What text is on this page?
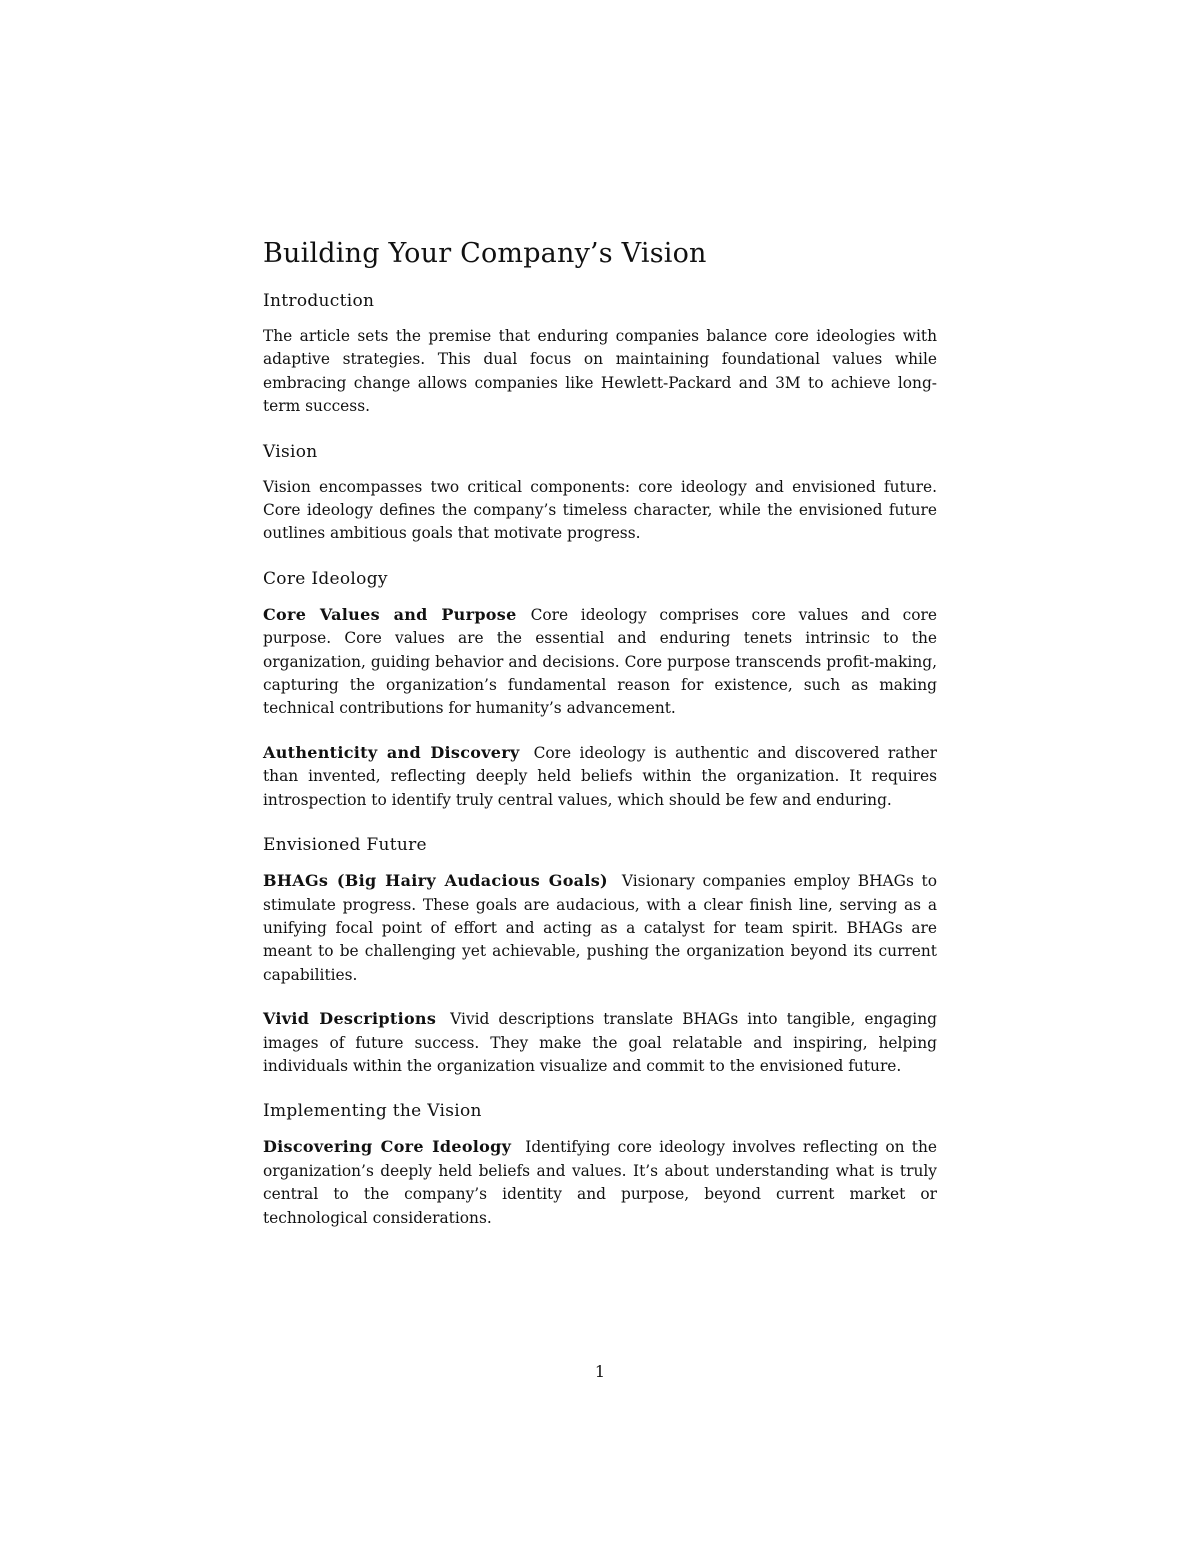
Building Your Company’s Vision
Introduction

The article sets the premise that enduring companies balance core ideologies with adaptive strategies. This dual focus on maintaining foundational values while embracing change allows companies like Hewlett-Packard and 3M to achieve long-term success.

Vision

Vision encompasses two critical components: core ideology and envisioned future. Core ideology defines the company’s timeless character, while the envisioned future outlines ambitious goals that motivate progress.

Core Ideology

Core Values and Purpose Core ideology comprises core values and core purpose. Core values are the essential and enduring tenets intrinsic to the organization, guiding behavior and decisions. Core purpose transcends profit-making, capturing the organization’s fundamental reason for existence, such as making technical contributions for humanity’s advancement.

Authenticity and Discovery Core ideology is authentic and discovered rather than invented, reflecting deeply held beliefs within the organization. It requires introspection to identify truly central values, which should be few and enduring.

Envisioned Future

BHAGs (Big Hairy Audacious Goals) Visionary companies employ BHAGs to stimulate progress. These goals are audacious, with a clear finish line, serving as a unifying focal point of effort and acting as a catalyst for team spirit. BHAGs are meant to be challenging yet achievable, pushing the organization beyond its current capabilities.

Vivid Descriptions Vivid descriptions translate BHAGs into tangible, engaging images of future success. They make the goal relatable and inspiring, helping individuals within the organization visualize and commit to the envisioned future.

Implementing the Vision

Discovering Core Ideology Identifying core ideology involves reflecting on the organization’s deeply held beliefs and values. It’s about understanding what is truly central to the company’s identity and purpose, beyond current market or technological considerations.

1
